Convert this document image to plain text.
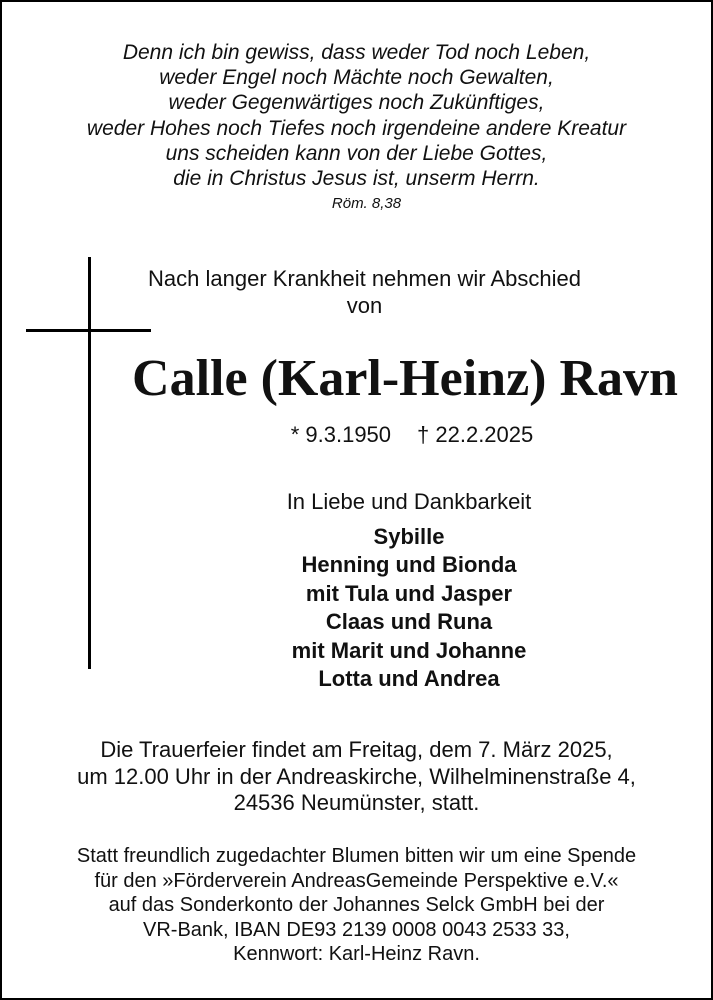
Denn ich bin gewiss, dass weder Tod noch Leben,
weder Engel noch Mächte noch Gewalten,
weder Gegenwärtiges noch Zukünftiges,
weder Hohes noch Tiefes noch irgendeine andere Kreatur
uns scheiden kann von der Liebe Gottes,
die in Christus Jesus ist, unserm Herrn.
Röm. 8,38
Nach langer Krankheit nehmen wir Abschied
von
Calle (Karl-Heinz) Ravn
* 9.3.1950 † 22.2.2025
In Liebe und Dankbarkeit
Sybille
Henning und Bionda
mit Tula und Jasper
Claas und Runa
mit Marit und Johanne
Lotta und Andrea
Die Trauerfeier findet am Freitag, dem 7. März 2025,
um 12.00 Uhr in der Andreaskirche, Wilhelminenstraße 4,
24536 Neumünster, statt.
Statt freundlich zugedachter Blumen bitten wir um eine Spende
für den »Förderverein AndreasGemeinde Perspektive e.V.«
auf das Sonderkonto der Johannes Selck GmbH bei der
VR-Bank, IBAN DE93 2139 0008 0043 2533 33,
Kennwort: Karl-Heinz Ravn.
